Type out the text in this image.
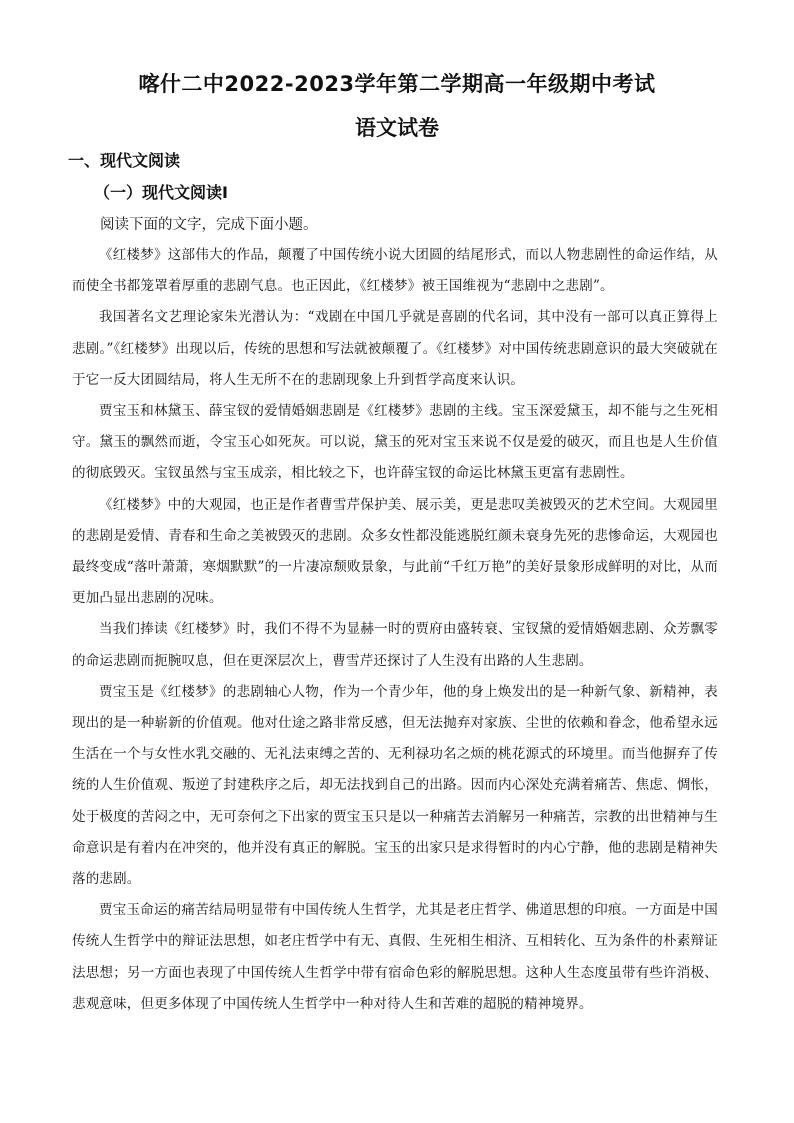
喀什二中2022-2023学年第二学期高一年级期中考试
语文试卷
一、现代文阅读
（一）现代文阅读Ⅰ
阅读下面的文字，完成下面小题。

《红楼梦》这部伟大的作品，颠覆了中国传统小说大团圆的结尾形式，而以人物悲剧性的命运作结，从而使全书都笼罩着厚重的悲剧气息。也正因此，《红楼梦》被王国维视为“悲剧中之悲剧”。

我国著名文艺理论家朱光潜认为：“戏剧在中国几乎就是喜剧的代名词，其中没有一部可以真正算得上悲剧。”《红楼梦》出现以后，传统的思想和写法就被颠覆了。《红楼梦》对中国传统悲剧意识的最大突破就在于它一反大团圆结局，将人生无所不在的悲剧现象上升到哲学高度来认识。

贾宝玉和林黛玉、薛宝钗的爱情婚姻悲剧是《红楼梦》悲剧的主线。宝玉深爱黛玉，却不能与之生死相守。黛玉的飘然而逝，令宝玉心如死灰。可以说，黛玉的死对宝玉来说不仅是爱的破灭，而且也是人生价值的彻底毁灭。宝钗虽然与宝玉成亲，相比较之下，也许薛宝钗的命运比林黛玉更富有悲剧性。

《红楼梦》中的大观园，也正是作者曹雪芹保护美、展示美，更是悲叹美被毁灭的艺术空间。大观园里的悲剧是爱情、青春和生命之美被毁灭的悲剧。众多女性都没能逃脱红颜未衰身先死的悲惨命运，大观园也最终变成“落叶萧萧，寒烟默默”的一片凄凉颓败景象，与此前“千红万艳”的美好景象形成鲜明的对比，从而更加凸显出悲剧的况味。

当我们捧读《红楼梦》时，我们不得不为显赫一时的贾府由盛转衰、宝钗黛的爱情婚姻悲剧、众芳飘零的命运悲剧而扼腕叹息，但在更深层次上，曹雪芹还探讨了人生没有出路的人生悲剧。

贾宝玉是《红楼梦》的悲剧轴心人物，作为一个青少年，他的身上焕发出的是一种新气象、新精神，表现出的是一种崭新的价值观。他对仕途之路非常反感，但无法抛弃对家族、尘世的依赖和眷念，他希望永远生活在一个与女性水乳交融的、无礼法束缚之苦的、无利禄功名之烦的桃花源式的环境里。而当他摒弃了传统的人生价值观、叛逆了封建秩序之后，却无法找到自己的出路。因而内心深处充满着痛苦、焦虑、惆怅，处于极度的苦闷之中，无可奈何之下出家的贾宝玉只是以一种痛苦去消解另一种痛苦，宗教的出世精神与生命意识是有着内在冲突的，他并没有真正的解脱。宝玉的出家只是求得暂时的内心宁静，他的悲剧是精神失落的悲剧。

贾宝玉命运的痛苦结局明显带有中国传统人生哲学，尤其是老庄哲学、佛道思想的印痕。一方面是中国传统人生哲学中的辩证法思想，如老庄哲学中有无、真假、生死相生相济、互相转化、互为条件的朴素辩证法思想；另一方面也表现了中国传统人生哲学中带有宿命色彩的解脱思想。这种人生态度虽带有些许消极、悲观意味，但更多体现了中国传统人生哲学中一种对待人生和苦难的超脱的精神境界。
